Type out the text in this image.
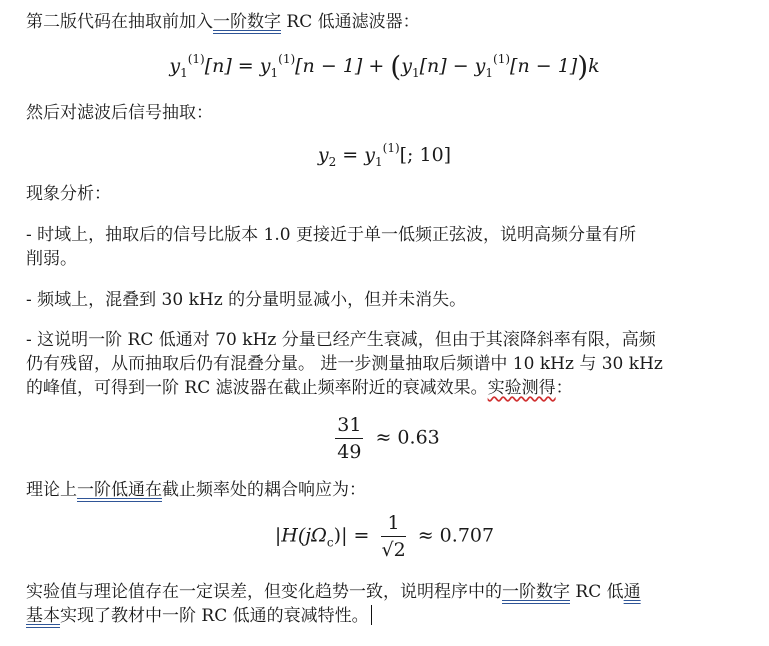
第二版代码在抽取前加入一阶数字 RC 低通滤波器：
$y_1^{(1)}[n] = y_1^{(1)}[n - 1] + (y_1[n] - y_1^{(1)}[n - 1])k$
然后对滤波后信号抽取：
$y_2 = y_1^{(1)}$[; 10]
现象分析：
- 时域上，抽取后的信号比版本 1.0 更接近于单一低频正弦波，说明高频分量有所
削弱。
- 频域上，混叠到 30 kHz 的分量明显减小，但并未消失。
- 这说明一阶 RC 低通对 70 kHz 分量已经产生衰减，但由于其滚降斜率有限，高频
仍有残留，从而抽取后仍有混叠分量。 进一步测量抽取后频谱中 10 kHz 与 30 kHz
的峰值，可得到一阶 RC 滤波器在截止频率附近的衰减效果。实验测得：
$\frac{31}{49} \approx 0.63$
理论上一阶低通在截止频率处的耦合响应为：
$|H(j\Omega_c)| = \frac{1}{√2} \approx 0.707$
实验值与理论值存在一定误差，但变化趋势一致，说明程序中的一阶数字 RC 低通
基本实现了教材中一阶 RC 低通的衰减特性。
